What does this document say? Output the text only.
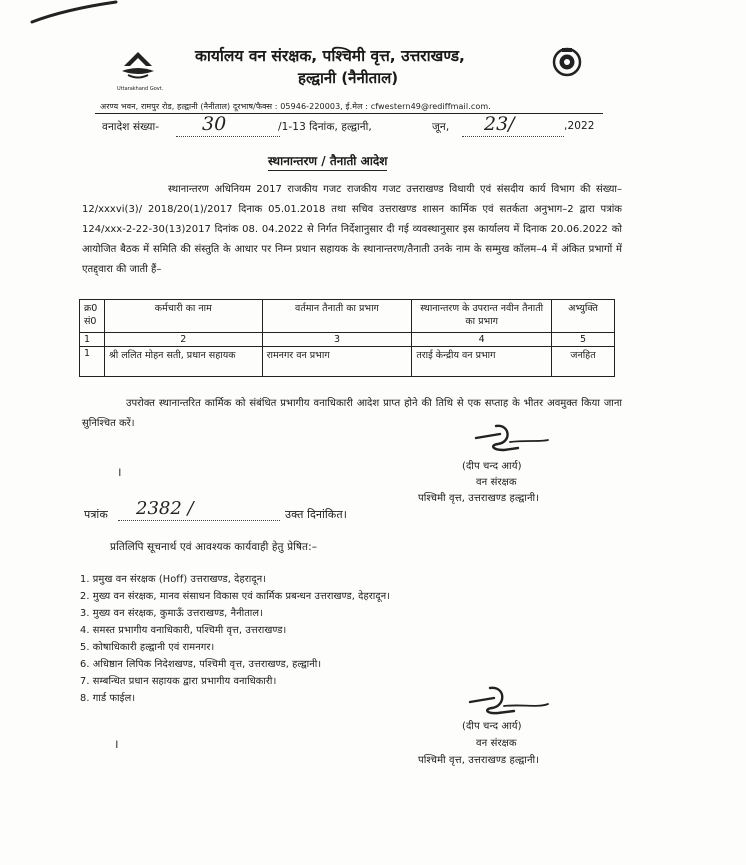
Uttarakhand Govt.
कार्यालय वन संरक्षक, पश्चिमी वृत्त, उत्तराखण्ड,
हल्द्वानी (नैनीताल)
अरण्य भवन, रामपुर रोड, हल्द्वानी (नैनीताल) दूरभाष/फैक्स : 05946-220003, ई.मेल : cfwestern49@rediffmail.com.
वनादेश संख्या- 30	/1-13 दिनांक, हल्द्वानी,	जून, 23/	,2022
स्थानान्तरण / तैनाती आदेश
स्थानान्तरण अधिनियम 2017 राजकीय गजट राजकीय गजट उत्तराखण्ड विधायी एवं संसदीय कार्य विभाग की संख्या–12/xxxvi(3)/ 2018/20(1)/2017 दिनाक 05.01.2018 तथा सचिव उत्तराखण्ड शासन कार्मिक एवं सतर्कता अनुभाग–2 द्वारा पत्रांक 124/xxx-2-22-30(13)2017 दिनांक 08. 04.2022 से निर्गत निर्देशानुसार दी गई व्यवस्थानुसार इस कार्यालय में दिनाक 20.06.2022 को आयोजित बैठक में समिति की संस्तुति के आधार पर निम्न प्रधान सहायक के स्थानान्तरण/तैनाती उनके नाम के सम्मुख कॉलम–4 में अंकित प्रभागों में एतद्द्वारा की जाती हैं–
क्र0 सं0	कर्मचारी का नाम	वर्तमान तैनाती का प्रभाग	स्थानान्तरण के उपरान्त नवीन तैनाती का प्रभाग	अभ्युक्ति
1	2	3	4	5
1	श्री ललित मोहन सती, प्रधान सहायक	रामनगर वन प्रभाग	तराई केन्द्रीय वन प्रभाग	जनहित
उपरोक्त स्थानान्तरित कार्मिक को संबंधित प्रभागीय वनाधिकारी आदेश प्राप्त होने की तिथि से एक सप्ताह के भीतर अवमुक्त किया जाना सुनिश्चित करें।
(दीप चन्द आर्य)
वन संरक्षक
पश्चिमी वृत्त, उत्तराखण्ड हल्द्वानी।
।
पत्रांक 2382 /	उक्त दिनांकित।
प्रतिलिपि सूचनार्थ एवं आवश्यक कार्यवाही हेतु प्रेषित:–
1. प्रमुख वन संरक्षक (Hoff) उत्तराखण्ड, देहरादून।
2. मुख्य वन संरक्षक, मानव संसाधन विकास एवं कार्मिक प्रबन्धन उत्तराखण्ड, देहरादून।
3. मुख्य वन संरक्षक, कुमाऊँ उत्तराखण्ड, नैनीताल।
4. समस्त प्रभागीय वनाधिकारी, पश्चिमी वृत्त, उत्तराखण्ड।
5. कोषाधिकारी हल्द्वानी एवं रामनगर।
6. अधिष्ठान लिपिक निदेशखण्ड, पश्चिमी वृत्त, उत्तराखण्ड, हल्द्वानी।
7. सम्बन्धित प्रधान सहायक द्वारा प्रभागीय वनाधिकारी।
8. गार्ड फाईल।
(दीप चन्द आर्य)
वन संरक्षक
पश्चिमी वृत्त, उत्तराखण्ड हल्द्वानी।
।
